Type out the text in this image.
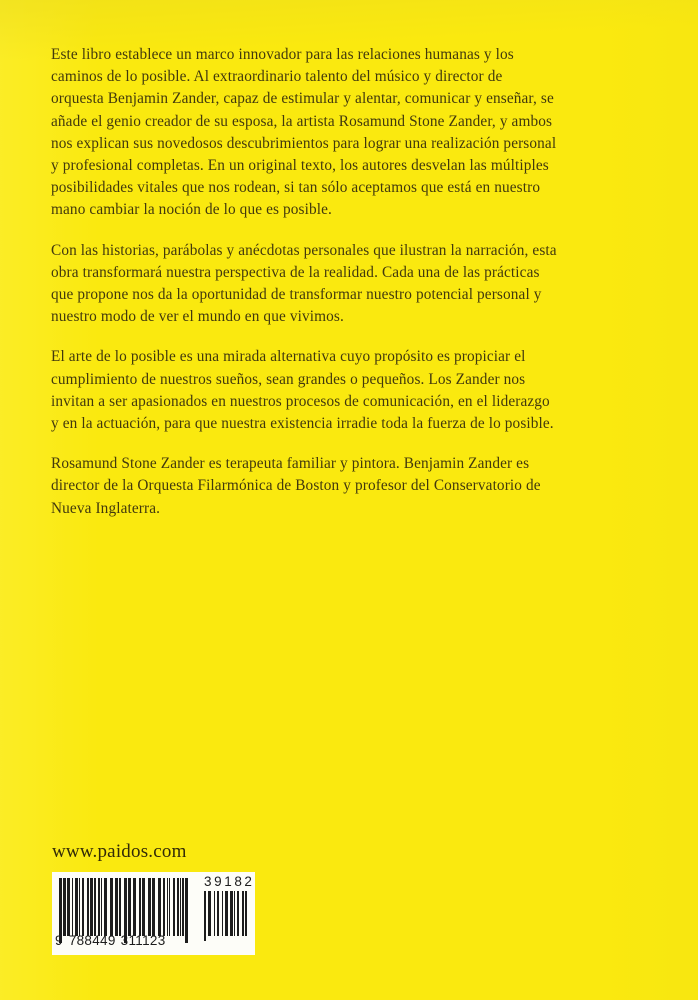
Este libro establece un marco innovador para las relaciones humanas y los caminos de lo posible. Al extraordinario talento del músico y director de orquesta Benjamin Zander, capaz de estimular y alentar, comunicar y enseñar, se añade el genio creador de su esposa, la artista Rosamund Stone Zander, y ambos nos explican sus novedosos descubrimientos para lograr una realización personal y profesional completas. En un original texto, los autores desvelan las múltiples posibilidades vitales que nos rodean, si tan sólo aceptamos que está en nuestro mano cambiar la noción de lo que es posible.

Con las historias, parábolas y anécdotas personales que ilustran la narración, esta obra transformará nuestra perspectiva de la realidad. Cada una de las prácticas que propone nos da la oportunidad de transformar nuestro potencial personal y nuestro modo de ver el mundo en que vivimos.

El arte de lo posible es una mirada alternativa cuyo propósito es propiciar el cumplimiento de nuestros sueños, sean grandes o pequeños. Los Zander nos invitan a ser apasionados en nuestros procesos de comunicación, en el liderazgo y en la actuación, para que nuestra existencia irradie toda la fuerza de lo posible.

Rosamund Stone Zander es terapeuta familiar y pintora. Benjamin Zander es director de la Orquesta Filarmónica de Boston y profesor del Conservatorio de Nueva Inglaterra.

www.paidos.com
9 788449 311123
39182
